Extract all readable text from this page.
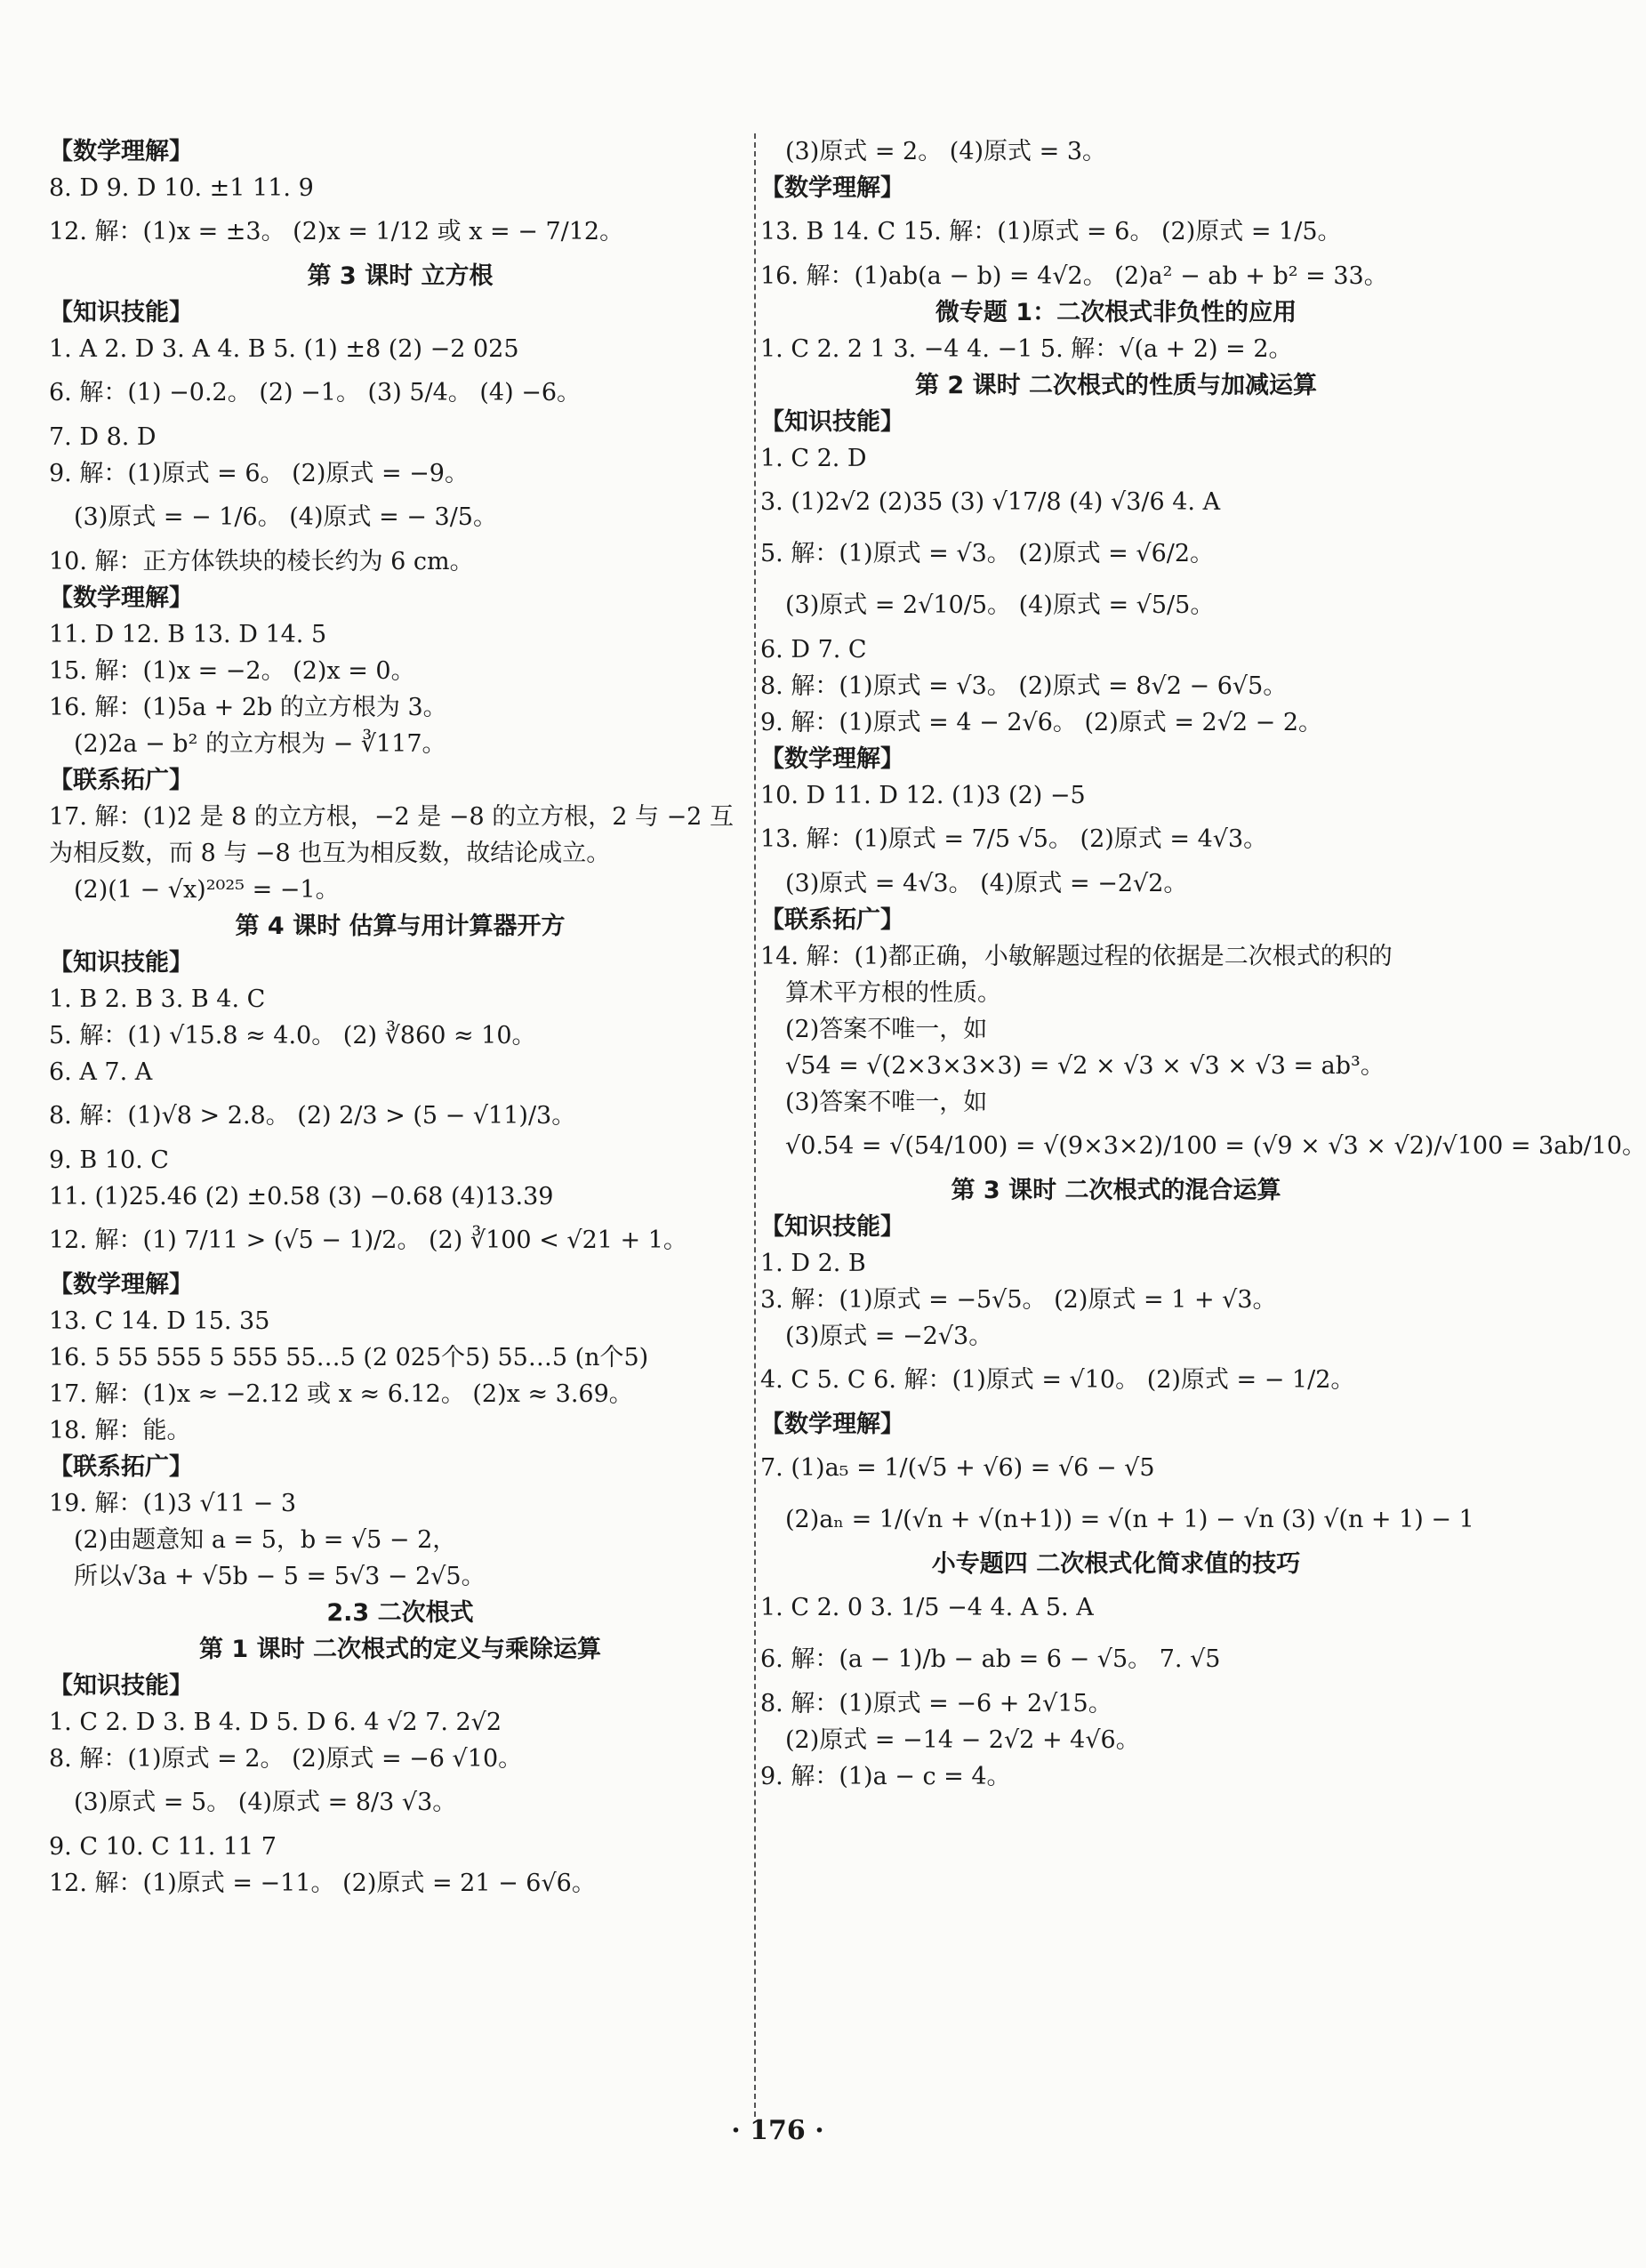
【数学理解】
8. D 9. D 10. ±1 11. 9
12. 解：(1)x = ±3。 (2)x = 1/12 或 x = − 7/12。
第 3 课时 立方根
【知识技能】
1. A 2. D 3. A 4. B 5. (1) ±8 (2) −2 025
6. 解：(1) −0.2。 (2) −1。 (3) 5/4。 (4) −6。
7. D 8. D
9. 解：(1)原式 = 6。 (2)原式 = −9。
(3)原式 = − 1/6。 (4)原式 = − 3/5。
10. 解：正方体铁块的棱长约为 6 cm。
【数学理解】
11. D 12. B 13. D 14. 5
15. 解：(1)x = −2。 (2)x = 0。
16. 解：(1)5a + 2b 的立方根为 3。
(2)2a − b² 的立方根为 − ∛117。
【联系拓广】
17. 解：(1)2 是 8 的立方根，−2 是 −8 的立方根，2 与 −2 互
为相反数，而 8 与 −8 也互为相反数，故结论成立。
(2)(1 − √x)²⁰²⁵ = −1。
第 4 课时 估算与用计算器开方
【知识技能】
1. B 2. B 3. B 4. C
5. 解：(1) √15.8 ≈ 4.0。 (2) ∛860 ≈ 10。
6. A 7. A
8. 解：(1)√8 > 2.8。 (2) 2/3 > (5 − √11)/3。
9. B 10. C
11. (1)25.46 (2) ±0.58 (3) −0.68 (4)13.39
12. 解：(1) 7/11 > (√5 − 1)/2。 (2) ∛100 < √21 + 1。
【数学理解】
13. C 14. D 15. 35
16. 5 55 555 5 555 55…5 (2 025个5) 55…5 (n个5)
17. 解：(1)x ≈ −2.12 或 x ≈ 6.12。 (2)x ≈ 3.69。
18. 解：能。
【联系拓广】
19. 解：(1)3 √11 − 3
(2)由题意知 a = 5，b = √5 − 2，
所以√3a + √5b − 5 = 5√3 − 2√5。
2.3 二次根式
第 1 课时 二次根式的定义与乘除运算
【知识技能】
1. C 2. D 3. B 4. D 5. D 6. 4 √2 7. 2√2
8. 解：(1)原式 = 2。 (2)原式 = −6 √10。
(3)原式 = 5。 (4)原式 = 8/3 √3。
9. C 10. C 11. 11 7
12. 解：(1)原式 = −11。 (2)原式 = 21 − 6√6。
(3)原式 = 2。 (4)原式 = 3。
【数学理解】
13. B 14. C 15. 解：(1)原式 = 6。 (2)原式 = 1/5。
16. 解：(1)ab(a − b) = 4√2。 (2)a² − ab + b² = 33。
微专题 1：二次根式非负性的应用
1. C 2. 2 1 3. −4 4. −1 5. 解：√(a + 2) = 2。
第 2 课时 二次根式的性质与加减运算
【知识技能】
1. C 2. D
3. (1)2√2 (2)35 (3) √17/8 (4) √3/6 4. A
5. 解：(1)原式 = √3。 (2)原式 = √6/2。
(3)原式 = 2√10/5。 (4)原式 = √5/5。
6. D 7. C
8. 解：(1)原式 = √3。 (2)原式 = 8√2 − 6√5。
9. 解：(1)原式 = 4 − 2√6。 (2)原式 = 2√2 − 2。
【数学理解】
10. D 11. D 12. (1)3 (2) −5
13. 解：(1)原式 = 7/5 √5。 (2)原式 = 4√3。
(3)原式 = 4√3。 (4)原式 = −2√2。
【联系拓广】
14. 解：(1)都正确，小敏解题过程的依据是二次根式的积的
算术平方根的性质。
(2)答案不唯一，如
√54 = √(2×3×3×3) = √2 × √3 × √3 × √3 = ab³。
(3)答案不唯一，如
√0.54 = √(54/100) = √(9×3×2)/100 = (√9 × √3 × √2)/√100 = 3ab/10。
第 3 课时 二次根式的混合运算
【知识技能】
1. D 2. B
3. 解：(1)原式 = −5√5。 (2)原式 = 1 + √3。
(3)原式 = −2√3。
4. C 5. C 6. 解：(1)原式 = √10。 (2)原式 = − 1/2。
【数学理解】
7. (1)a₅ = 1/(√5 + √6) = √6 − √5
(2)aₙ = 1/(√n + √(n+1)) = √(n + 1) − √n (3) √(n + 1) − 1
小专题四 二次根式化简求值的技巧
1. C 2. 0 3. 1/5 −4 4. A 5. A
6. 解：(a − 1)/b − ab = 6 − √5。 7. √5
8. 解：(1)原式 = −6 + 2√15。
(2)原式 = −14 − 2√2 + 4√6。
9. 解：(1)a − c = 4。
· 176 ·
